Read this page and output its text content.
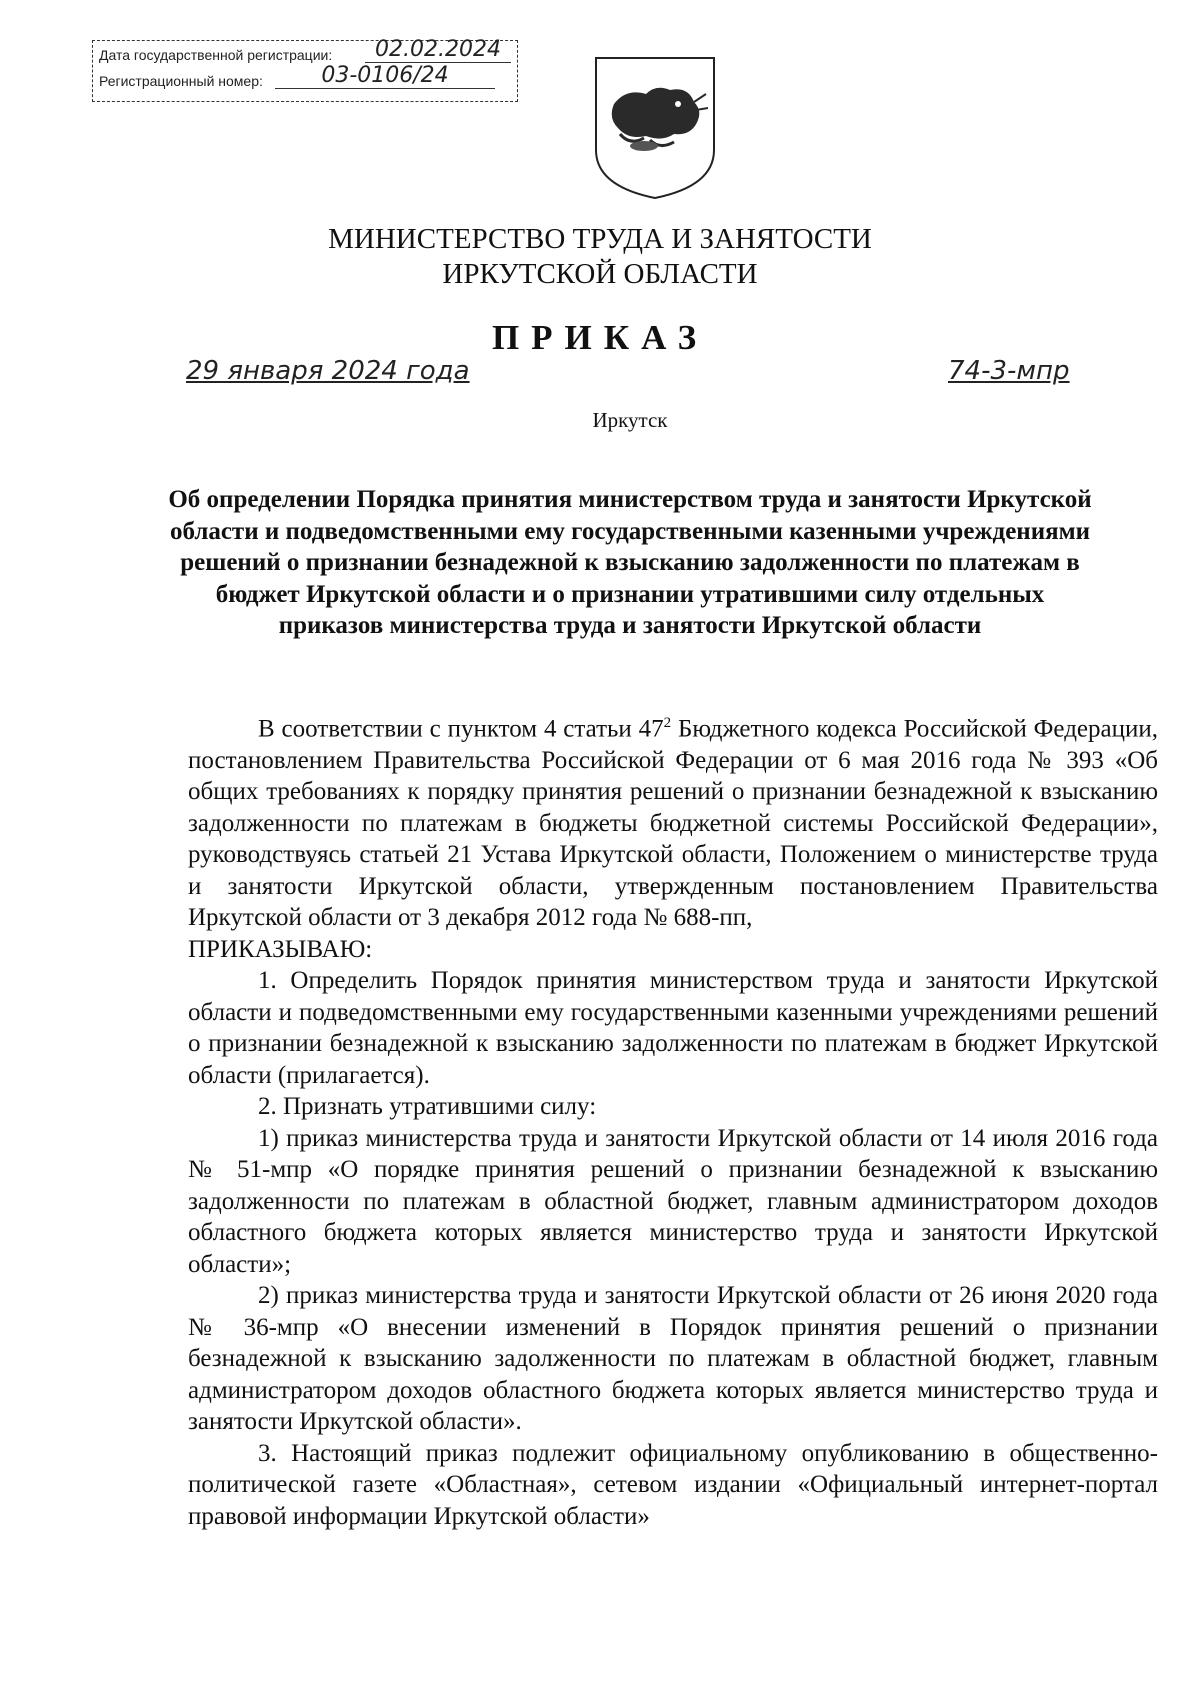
Дата государственной регистрации:	02.02.2024
Регистрационный номер:	03-0106/24
МИНИСТЕРСТВО ТРУДА И ЗАНЯТОСТИ
ИРКУТСКОЙ ОБЛАСТИ
ПРИКАЗ
29 января 2024 года	74-3-мпр
Иркутск
Об определении Порядка принятия министерством труда и занятости Иркутской области и подведомственными ему государственными казенными учреждениями решений о признании безнадежной к взысканию задолженности по платежам в бюджет Иркутской области и о признании утратившими силу отдельных приказов министерства труда и занятости Иркутской области

В соответствии с пунктом 4 статьи $47^2$ Бюджетного кодекса Российской Федерации, постановлением Правительства Российской Федерации от 6 мая 2016 года № 393 «Об общих требованиях к порядку принятия решений о признании безнадежной к взысканию задолженности по платежам в бюджеты бюджетной системы Российской Федерации», руководствуясь статьей 21 Устава Иркутской области, Положением о министерстве труда и занятости Иркутской области, утвержденным постановлением Правительства Иркутской области от 3 декабря 2012 года № 688-пп,

ПРИКАЗЫВАЮ:

1. Определить Порядок принятия министерством труда и занятости Иркутской области и подведомственными ему государственными казенными учреждениями решений о признании безнадежной к взысканию задолженности по платежам в бюджет Иркутской области (прилагается).

2. Признать утратившими силу:

1) приказ министерства труда и занятости Иркутской области от 14 июля 2016 года № 51-мпр «О порядке принятия решений о признании безнадежной к взысканию задолженности по платежам в областной бюджет, главным администратором доходов областного бюджета которых является министерство труда и занятости Иркутской области»;

2) приказ министерства труда и занятости Иркутской области от 26 июня 2020 года № 36-мпр «О внесении изменений в Порядок принятия решений о признании безнадежной к взысканию задолженности по платежам в областной бюджет, главным администратором доходов областного бюджета которых является министерство труда и занятости Иркутской области».

3. Настоящий приказ подлежит официальному опубликованию в общественно-политической газете «Областная», сетевом издании «Официальный интернет-портал правовой информации Иркутской области»
